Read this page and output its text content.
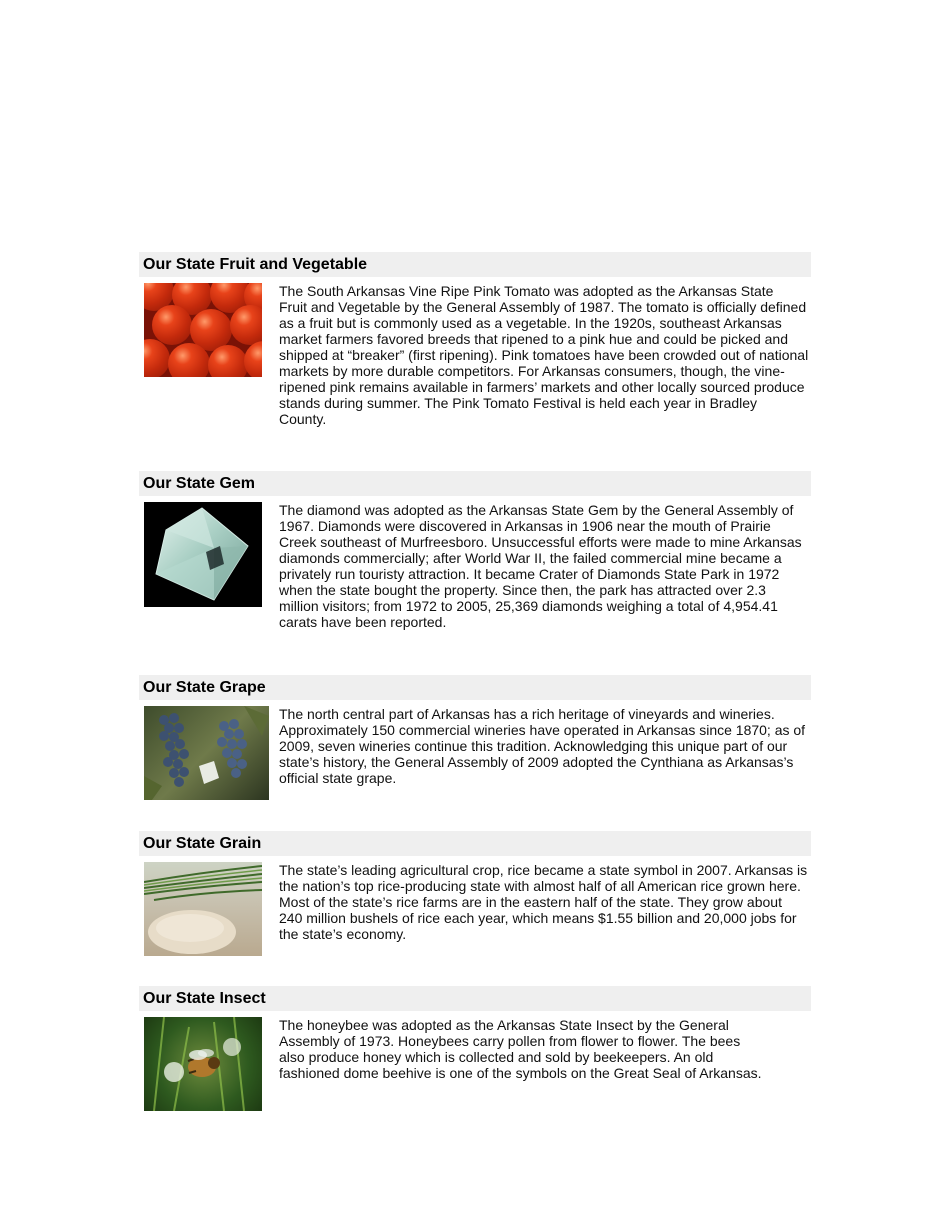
Our State Fruit and Vegetable
The South Arkansas Vine Ripe Pink Tomato was adopted as the Arkansas State
Fruit and Vegetable by the General Assembly of 1987. The tomato is officially defined
as a fruit but is commonly used as a vegetable. In the 1920s, southeast Arkansas
market farmers favored breeds that ripened to a pink hue and could be picked and
shipped at “breaker” (first ripening). Pink tomatoes have been crowded out of national
markets by more durable competitors. For Arkansas consumers, though, the vine-
ripened pink remains available in farmers’ markets and other locally sourced produce
stands during summer. The Pink Tomato Festival is held each year in Bradley
County.
Our State Gem
The diamond was adopted as the Arkansas State Gem by the General Assembly of
1967. Diamonds were discovered in Arkansas in 1906 near the mouth of Prairie
Creek southeast of Murfreesboro. Unsuccessful efforts were made to mine Arkansas
diamonds commercially; after World War II, the failed commercial mine became a
privately run touristy attraction. It became Crater of Diamonds State Park in 1972
when the state bought the property. Since then, the park has attracted over 2.3
million visitors; from 1972 to 2005, 25,369 diamonds weighing a total of 4,954.41
carats have been reported.
Our State Grape
The north central part of Arkansas has a rich heritage of vineyards and wineries.
Approximately 150 commercial wineries have operated in Arkansas since 1870; as of
2009, seven wineries continue this tradition. Acknowledging this unique part of our
state’s history, the General Assembly of 2009 adopted the Cynthiana as Arkansas’s
official state grape.
Our State Grain
The state’s leading agricultural crop, rice became a state symbol in 2007. Arkansas is
the nation’s top rice-producing state with almost half of all American rice grown here.
Most of the state’s rice farms are in the eastern half of the state. They grow about
240 million bushels of rice each year, which means $1.55 billion and 20,000 jobs for
the state’s economy.
Our State Insect
The honeybee was adopted as the Arkansas State Insect by the General
Assembly of 1973. Honeybees carry pollen from flower to flower. The bees
also produce honey which is collected and sold by beekeepers. An old
fashioned dome beehive is one of the symbols on the Great Seal of Arkansas.
